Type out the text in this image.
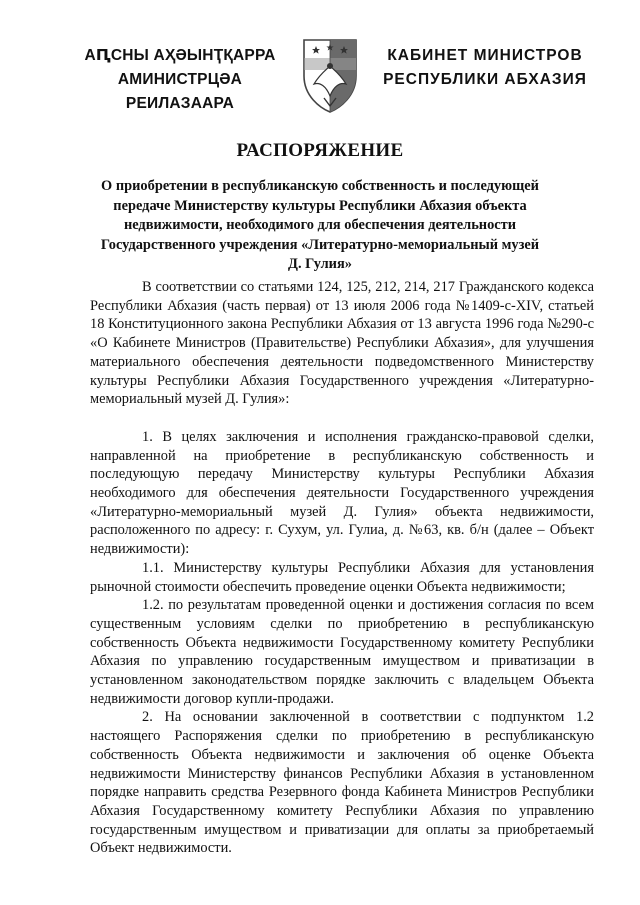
АԤСНЫ АҲӘЫНҬҚАРРА
АМИНИСТРЦӘА РЕИЛАЗААРА
КАБИНЕТ МИНИСТРОВ
РЕСПУБЛИКИ АБХАЗИЯ
РАСПОРЯЖЕНИЕ
О приобретении в республиканскую собственность и последующей передаче Министерству культуры Республики Абхазия объекта недвижимости, необходимого для обеспечения деятельности Государственного учреждения «Литературно-мемориальный музей Д. Гулия»

В соответствии со статьями 124, 125, 212, 214, 217 Гражданского кодекса Республики Абхазия (часть первая) от 13 июля 2006 года №1409-с-XIV, статьей 18 Конституционного закона Республики Абхазия от 13 августа 1996 года №290-с «О Кабинете Министров (Правительстве) Республики Абхазия», для улучшения материального обеспечения деятельности подведомственного Министерству культуры Республики Абхазия Государственного учреждения «Литературно-мемориальный музей Д. Гулия»:

1. В целях заключения и исполнения гражданско-правовой сделки, направленной на приобретение в республиканскую собственность и последующую передачу Министерству культуры Республики Абхазия необходимого для обеспечения деятельности Государственного учреждения «Литературно-мемориальный музей Д. Гулия» объекта недвижимости, расположенного по адресу: г. Сухум, ул. Гулиа, д. №63, кв. б/н (далее – Объект недвижимости):

1.1. Министерству культуры Республики Абхазия для установления рыночной стоимости обеспечить проведение оценки Объекта недвижимости;

1.2. по результатам проведенной оценки и достижения согласия по всем существенным условиям сделки по приобретению в республиканскую собственность Объекта недвижимости Государственному комитету Республики Абхазия по управлению государственным имуществом и приватизации в установленном законодательством порядке заключить с владельцем Объекта недвижимости договор купли-продажи.

2. На основании заключенной в соответствии с подпунктом 1.2 настоящего Распоряжения сделки по приобретению в республиканскую собственность Объекта недвижимости и заключения об оценке Объекта недвижимости Министерству финансов Республики Абхазия в установленном порядке направить средства Резервного фонда Кабинета Министров Республики Абхазия Государственному комитету Республики Абхазия по управлению государственным имуществом и приватизации для оплаты за приобретаемый Объект недвижимости.
